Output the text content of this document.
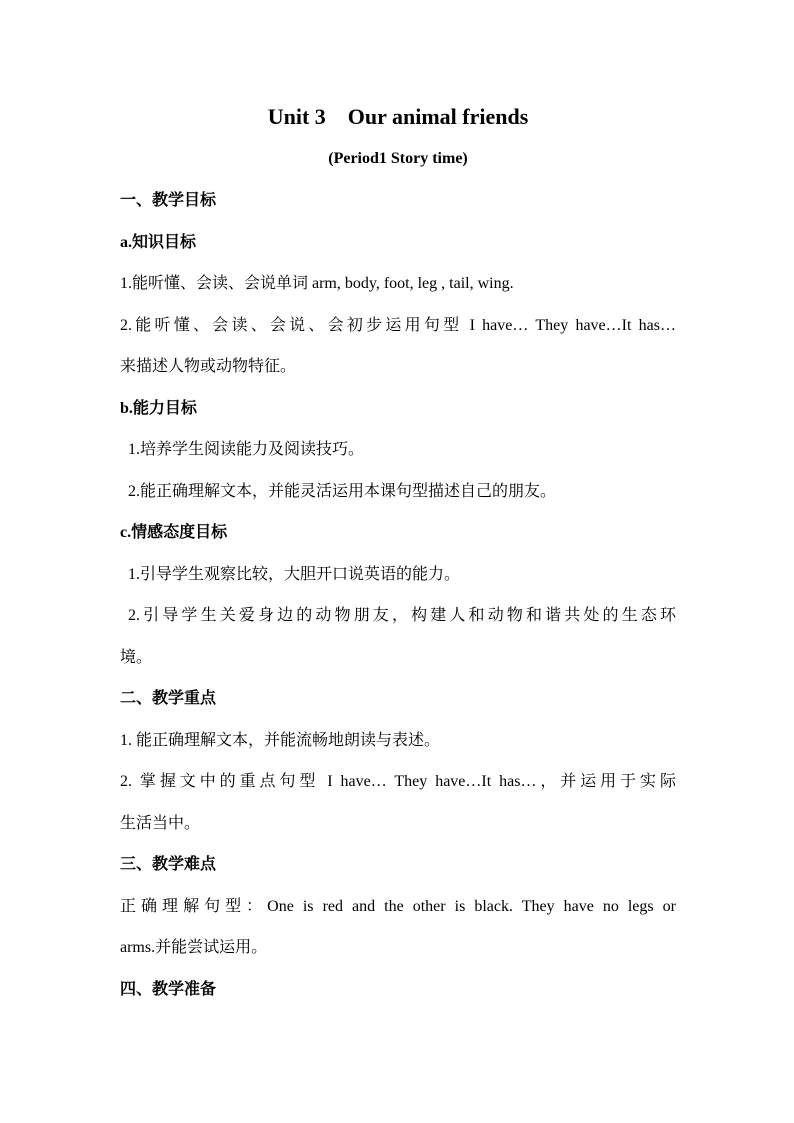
Unit 3    Our animal friends

(Period1 Story time)

一、教学目标

a.知识目标

1.能听懂、会读、会说单词 arm, body, foot, leg , tail, wing.

2.能听懂、会读、会说、会初步运用句型 I have… They have…It has…

来描述人物或动物特征。

b.能力目标

1.培养学生阅读能力及阅读技巧。

2.能正确理解文本，并能灵活运用本课句型描述自己的朋友。

c.情感态度目标

1.引导学生观察比较，大胆开口说英语的能力。

2.引导学生关爱身边的动物朋友，构建人和动物和谐共处的生态环

境。

二、教学重点

1. 能正确理解文本，并能流畅地朗读与表述。

2. 掌握文中的重点句型 I have… They have…It has…，并运用于实际

生活当中。

三、教学难点

正确理解句型：One is red and the other is black. They have no legs or

arms.并能尝试运用。

四、教学准备
